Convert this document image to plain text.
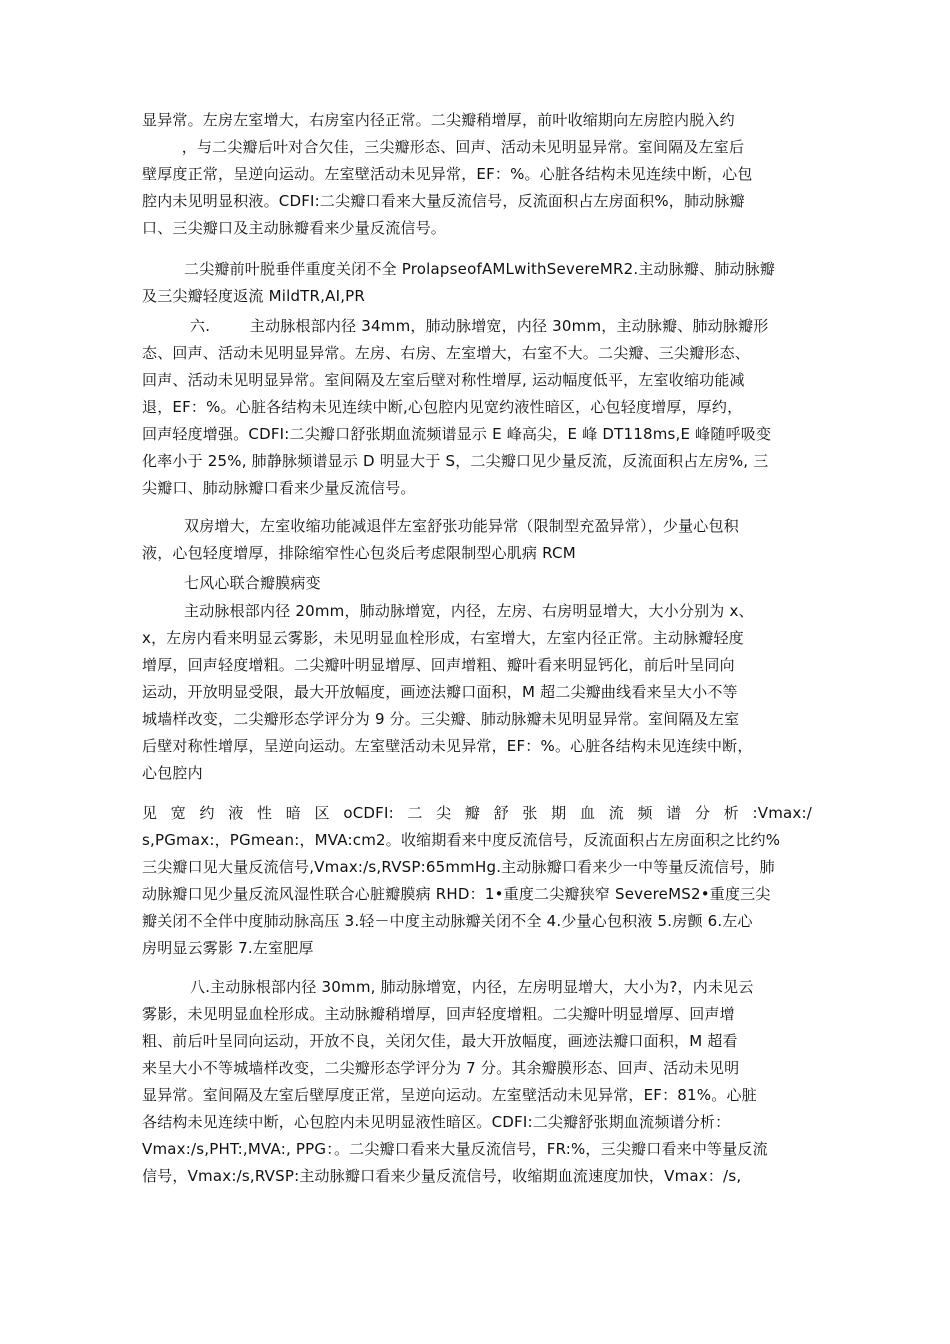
显异常。左房左室增大，右房室内径正常。二尖瓣稍增厚，前叶收缩期向左房腔内脱入约
，与二尖瓣后叶对合欠佳，三尖瓣形态、回声、活动未见明显异常。室间隔及左室后
壁厚度正常，呈逆向运动。左室壁活动未见异常，EF：%。心脏各结构未见连续中断，心包
腔内未见明显积液。CDFI:二尖瓣口看来大量反流信号，反流面积占左房面积%，肺动脉瓣
口、三尖瓣口及主动脉瓣看来少量反流信号。
二尖瓣前叶脱垂伴重度关闭不全 ProlapseofAMLwithSevereMR2.主动脉瓣、肺动脉瓣
及三尖瓣轻度返流 MildTR,AI,PR
六.        主动脉根部内径 34mm，肺动脉增宽，内径 30mm，主动脉瓣、肺动脉瓣形
态、回声、活动未见明显异常。左房、右房、左室增大，右室不大。二尖瓣、三尖瓣形态、
回声、活动未见明显异常。室间隔及左室后壁对称性增厚, 运动幅度低平，左室收缩功能减
退，EF：%。心脏各结构未见连续中断,心包腔内见宽约液性暗区，心包轻度增厚，厚约，
回声轻度增强。CDFI:二尖瓣口舒张期血流频谱显示 E 峰高尖，E 峰 DT118ms,E 峰随呼吸变
化率小于 25%, 肺静脉频谱显示 D 明显大于 S，二尖瓣口见少量反流，反流面积占左房%, 三
尖瓣口、肺动脉瓣口看来少量反流信号。
双房增大，左室收缩功能减退伴左室舒张功能异常（限制型充盈异常），少量心包积
液，心包轻度增厚，排除缩窄性心包炎后考虑限制型心肌病 RCM
七风心联合瓣膜病变
主动脉根部内径 20mm，肺动脉增宽，内径，左房、右房明显增大，大小分别为 x、
x，左房内看来明显云雾影，未见明显血栓形成，右室增大，左室内径正常。主动脉瓣轻度
增厚，回声轻度增粗。二尖瓣叶明显增厚、回声增粗、瓣叶看来明显钙化，前后叶呈同向
运动，开放明显受限，最大开放幅度，画迹法瓣口面积，M 超二尖瓣曲线看来呈大小不等
城墙样改变，二尖瓣形态学评分为 9 分。三尖瓣、肺动脉瓣未见明显异常。室间隔及左室
后壁对称性增厚，呈逆向运动。左室壁活动未见异常，EF：%。心脏各结构未见连续中断，
心包腔内
见宽约液性暗区oCDFI:二尖瓣舒张期血流频谱分析:Vmax:/
s,PGmax:，PGmean:，MVA:cm2。收缩期看来中度反流信号，反流面积占左房面积之比约%
三尖瓣口见大量反流信号,Vmax:/s,RVSP:65mmHg.主动脉瓣口看来少一中等量反流信号，肺
动脉瓣口见少量反流风湿性联合心脏瓣膜病 RHD：1•重度二尖瓣狭窄 SevereMS2•重度三尖
瓣关闭不全伴中度肺动脉高压 3.轻－中度主动脉瓣关闭不全 4.少量心包积液 5.房颤 6.左心
房明显云雾影 7.左室肥厚
八.主动脉根部内径 30mm, 肺动脉增宽，内径，左房明显增大，大小为?，内未见云
雾影，未见明显血栓形成。主动脉瓣稍增厚，回声轻度增粗。二尖瓣叶明显增厚、回声增
粗、前后叶呈同向运动，开放不良，关闭欠佳，最大开放幅度，画迹法瓣口面积，M 超看
来呈大小不等城墙样改变，二尖瓣形态学评分为 7 分。其余瓣膜形态、回声、活动未见明
显异常。室间隔及左室后壁厚度正常，呈逆向运动。左室壁活动未见异常，EF：81%。心脏
各结构未见连续中断，心包腔内未见明显液性暗区。CDFI:二尖瓣舒张期血流频谱分析：
Vmax:/s,PHT:,MVA:, PPG：。二尖瓣口看来大量反流信号，FR:%，三尖瓣口看来中等量反流
信号，Vmax:/s,RVSP:主动脉瓣口看来少量反流信号，收缩期血流速度加快，Vmax：/s,
